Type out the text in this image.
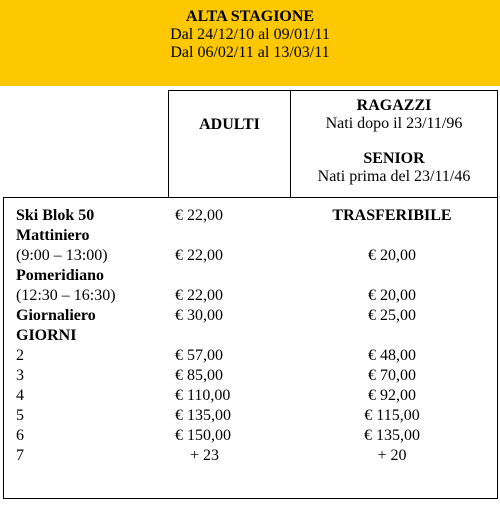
ALTA STAGIONE
Dal 24/12/10 al 09/01/11
Dal 06/02/11 al 13/03/11
ADULTI
RAGAZZI
Nati dopo il 23/11/96
SENIOR
Nati prima del 23/11/46
Ski Blok 50	€ 22,00	TRASFERIBILE
Mattiniero
(9:00 – 13:00)	€ 22,00	€ 20,00
Pomeridiano
(12:30 – 16:30)	€ 22,00	€ 20,00
Giornaliero	€ 30,00	€ 25,00
GIORNI
2	€ 57,00	€ 48,00
3	€ 85,00	€ 70,00
4	€ 110,00	€ 92,00
5	€ 135,00	€ 115,00
6	€ 150,00	€ 135,00
7	+ 23	+ 20
